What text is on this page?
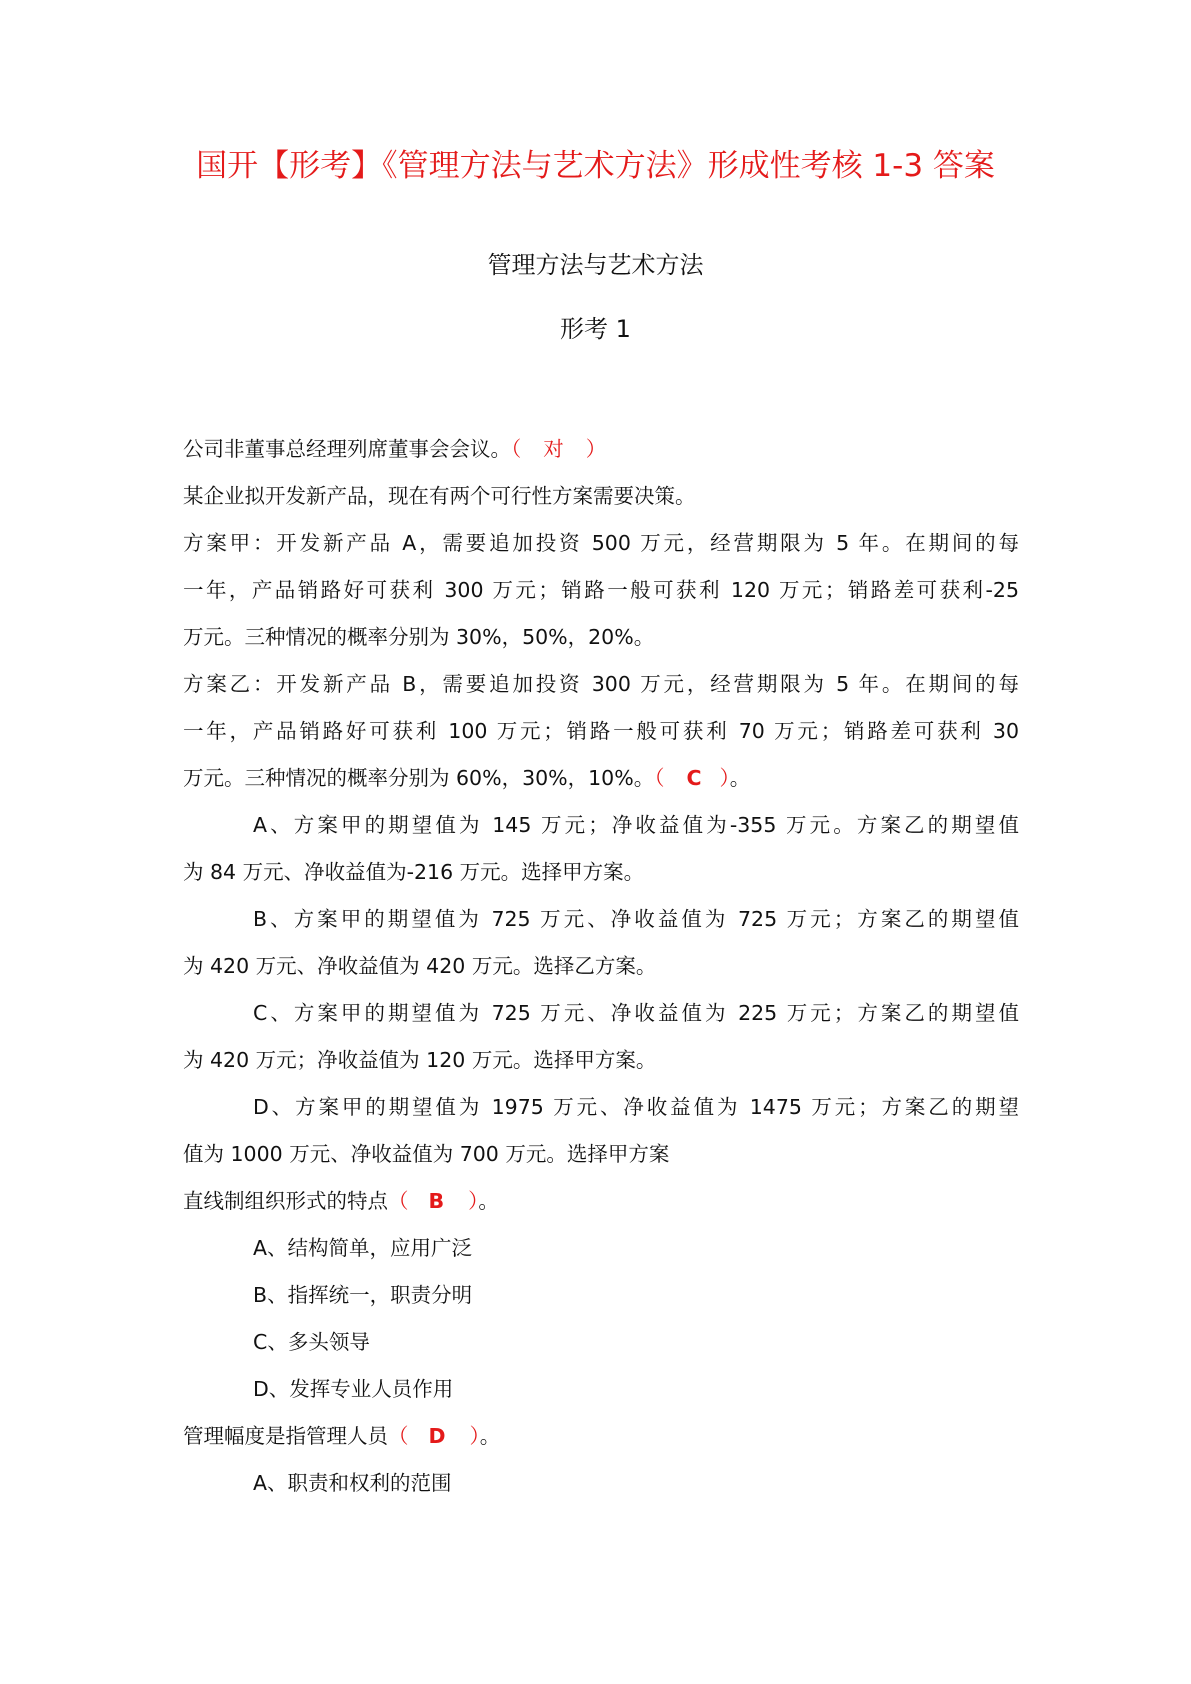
国开【形考】《管理方法与艺术方法》形成性考核 1-3 答案
管理方法与艺术方法
形考 1
公司非董事总经理列席董事会会议。（ 对 ）
某企业拟开发新产品，现在有两个可行性方案需要决策。
方案甲：开发新产品 A，需要追加投资 500 万元，经营期限为 5 年。在期间的每
一年，产品销路好可获利 300 万元；销路一般可获利 120 万元；销路差可获利-25
万元。三种情况的概率分别为 30%，50%，20%。
方案乙：开发新产品 B，需要追加投资 300 万元，经营期限为 5 年。在期间的每
一年，产品销路好可获利 100 万元；销路一般可获利 70 万元；销路差可获利 30
万元。三种情况的概率分别为 60%，30%，10%。（ C ）。
A、方案甲的期望值为 145 万元；净收益值为-355 万元。方案乙的期望值
为 84 万元、净收益值为-216 万元。选择甲方案。
B、方案甲的期望值为 725 万元、净收益值为 725 万元；方案乙的期望值
为 420 万元、净收益值为 420 万元。选择乙方案。
C、方案甲的期望值为 725 万元、净收益值为 225 万元；方案乙的期望值
为 420 万元；净收益值为 120 万元。选择甲方案。
D、方案甲的期望值为 1975 万元、净收益值为 1475 万元；方案乙的期望
值为 1000 万元、净收益值为 700 万元。选择甲方案
直线制组织形式的特点（ B ）。
A、结构简单，应用广泛
B、指挥统一，职责分明
C、多头领导
D、发挥专业人员作用
管理幅度是指管理人员（ D ）。
A、职责和权利的范围
